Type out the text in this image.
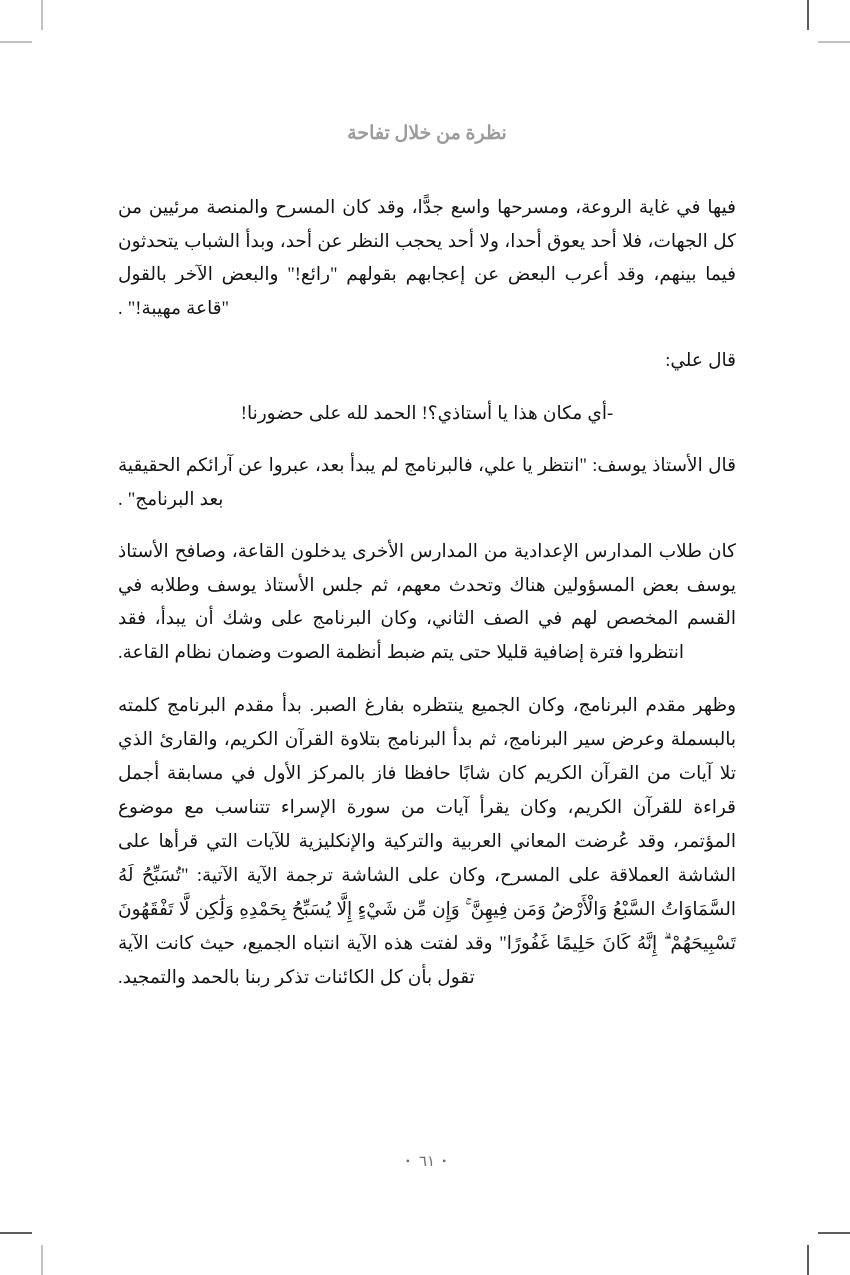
نظرة من خلال تفاحة

فيها في غاية الروعة، ومسرحها واسع جدًّا، وقد كان المسرح والمنصة مرئيين من كل الجهات، فلا أحد يعوق أحدا، ولا أحد يحجب النظر عن أحد، وبدأ الشباب يتحدثون فيما بينهم، وقد أعرب البعض عن إعجابهم بقولهم "رائع!" والبعض الآخر بالقول "قاعة مهيبة!" .

قال علي:

-أي مكان هذا يا أستاذي؟! الحمد لله على حضورنا!

قال الأستاذ يوسف: "انتظر يا علي، فالبرنامج لم يبدأ بعد، عبروا عن آرائكم الحقيقية بعد البرنامج" .

كان طلاب المدارس الإعدادية من المدارس الأخرى يدخلون القاعة، وصافح الأستاذ يوسف بعض المسؤولين هناك وتحدث معهم، ثم جلس الأستاذ يوسف وطلابه في القسم المخصص لهم في الصف الثاني، وكان البرنامج على وشك أن يبدأ، فقد انتظروا فترة إضافية قليلا حتى يتم ضبط أنظمة الصوت وضمان نظام القاعة.

وظهر مقدم البرنامج، وكان الجميع ينتظره بفارغ الصبر. بدأ مقدم البرنامج كلمته بالبسملة وعرض سير البرنامج، ثم بدأ البرنامج بتلاوة القرآن الكريم، والقارئ الذي تلا آيات من القرآن الكريم كان شابًا حافظا فاز بالمركز الأول في مسابقة أجمل قراءة للقرآن الكريم، وكان يقرأ آيات من سورة الإسراء تتناسب مع موضوع المؤتمر، وقد عُرضت المعاني العربية والتركية والإنكليزية للآيات التي قرأها على الشاشة العملاقة على المسرح، وكان على الشاشة ترجمة الآية الآتية: "تُسَبِّحُ لَهُ السَّمَاوَاتُ السَّبْعُ وَالْأَرْضُ وَمَن فِيهِنَّ ۚ وَإِن مِّن شَيْءٍ إِلَّا يُسَبِّحُ بِحَمْدِهِ وَلَٰكِن لَّا تَفْقَهُونَ تَسْبِيحَهُمْ ۗ إِنَّهُ كَانَ حَلِيمًا غَفُورًا" وقد لفتت هذه الآية انتباه الجميع، حيث كانت الآية تقول بأن كل الكائنات تذكر ربنا بالحمد والتمجيد.

•٦١•
